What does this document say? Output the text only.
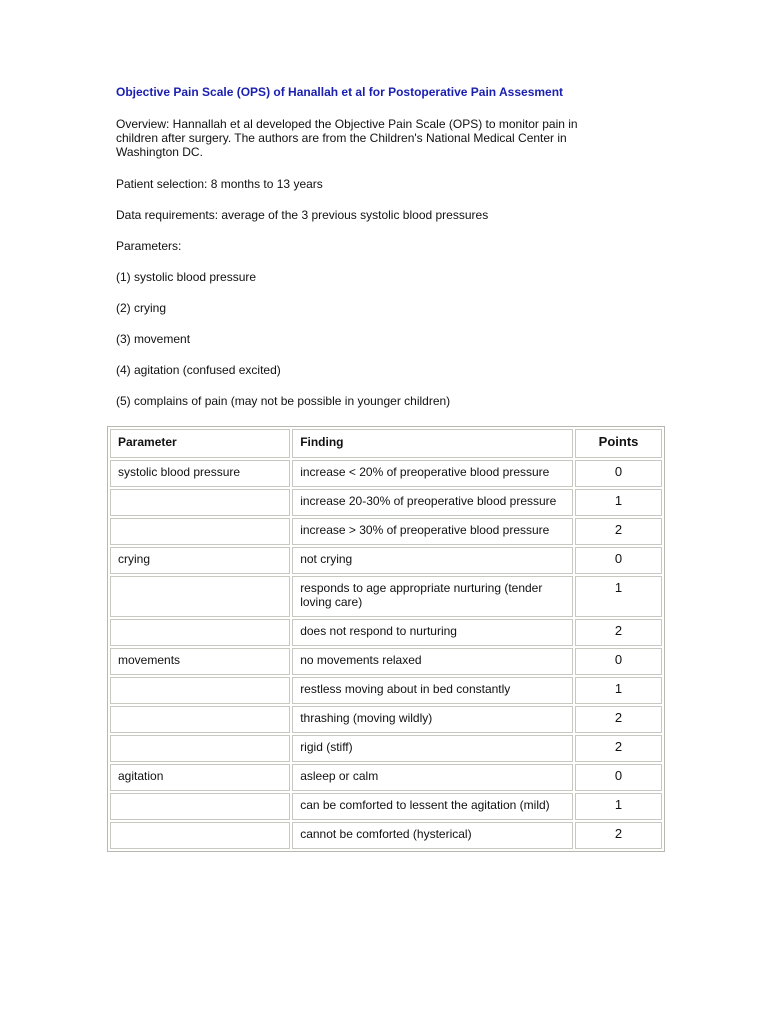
Objective Pain Scale (OPS) of Hanallah et al for Postoperative Pain Assesment
Overview: Hannallah et al developed the Objective Pain Scale (OPS) to monitor pain in
children after surgery. The authors are from the Children's National Medical Center in
Washington DC.
Patient selection: 8 months to 13 years
Data requirements: average of the 3 previous systolic blood pressures
Parameters:
(1) systolic blood pressure
(2) crying
(3) movement
(4) agitation (confused excited)
(5) complains of pain (may not be possible in younger children)
Parameter	Finding	Points
systolic blood pressure	increase < 20% of preoperative blood pressure	0
	increase 20-30% of preoperative blood pressure	1
	increase > 30% of preoperative blood pressure	2
crying	not crying	0
	responds to age appropriate nurturing (tender loving care)	1
	does not respond to nurturing	2
movements	no movements relaxed	0
	restless moving about in bed constantly	1
	thrashing (moving wildly)	2
	rigid (stiff)	2
agitation	asleep or calm	0
	can be comforted to lessent the agitation (mild)	1
	cannot be comforted (hysterical)	2
